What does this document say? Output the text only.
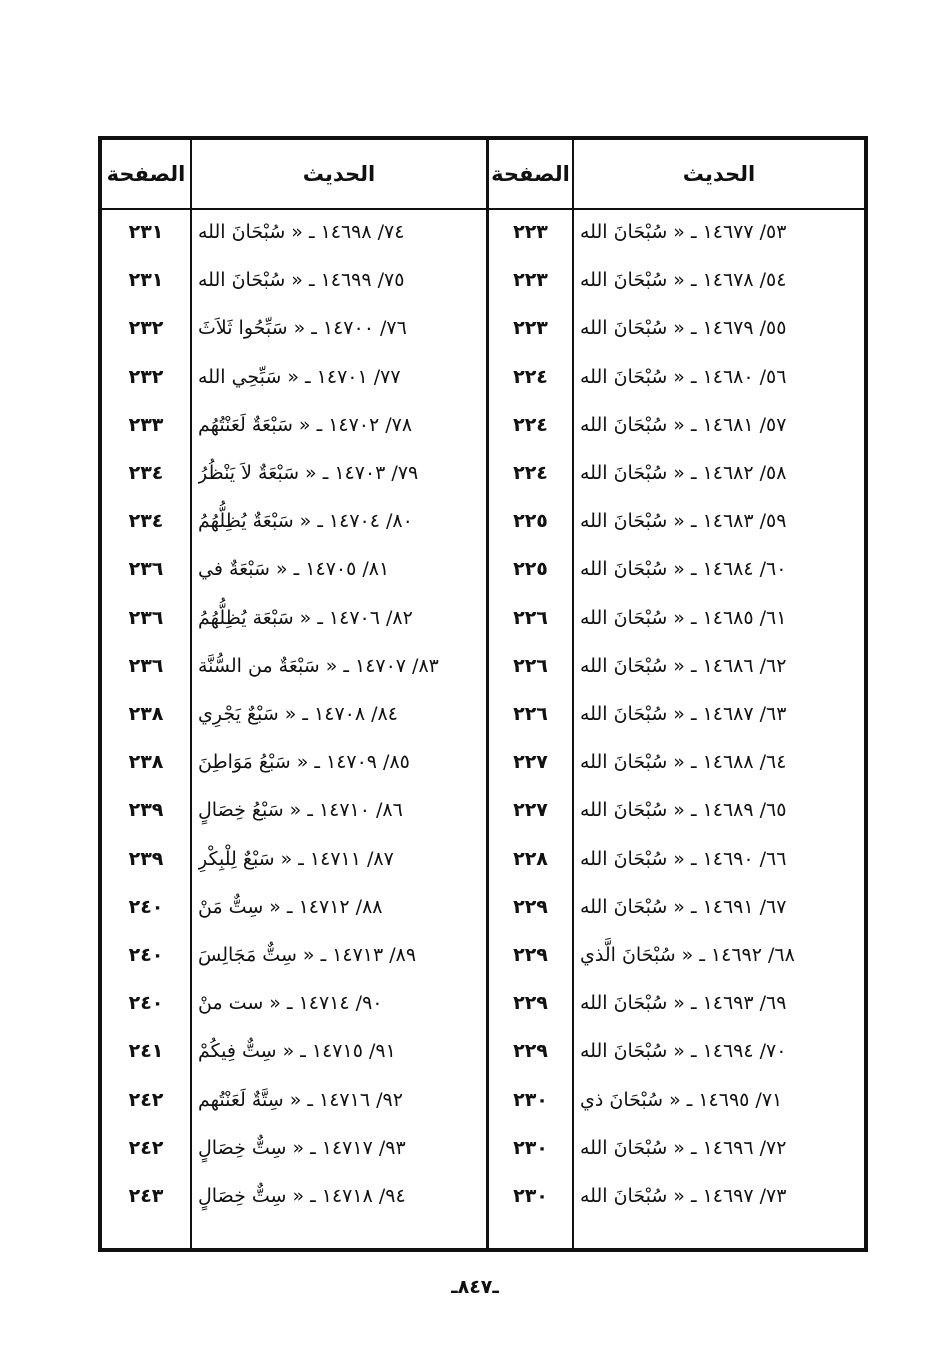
الصفحة	الحديث	الصفحة	الحديث
٢٣١	٧٤/ ١٤٦٩٨ ـ « سُبْحَانَ الله	٢٢٣	٥٣/ ١٤٦٧٧ ـ « سُبْحَانَ الله
٢٣١	٧٥/ ١٤٦٩٩ ـ « سُبْحَانَ الله	٢٢٣	٥٤/ ١٤٦٧٨ ـ « سُبْحَانَ الله
٢٣٢	٧٦/ ١٤٧٠٠ ـ « سَبِّحُوا ثَلاَثَ	٢٢٣	٥٥/ ١٤٦٧٩ ـ « سُبْحَانَ الله
٢٣٢	٧٧/ ١٤٧٠١ ـ « سَبِّحِي الله	٢٢٤	٥٦/ ١٤٦٨٠ ـ « سُبْحَانَ الله
٢٣٣	٧٨/ ١٤٧٠٢ ـ « سَبْعَةٌ لَعَنْتُهُم	٢٢٤	٥٧/ ١٤٦٨١ ـ « سُبْحَانَ الله
٢٣٤	٧٩/ ١٤٧٠٣ ـ « سَبْعَةٌ لاَ يَنْظُرُ	٢٢٤	٥٨/ ١٤٦٨٢ ـ « سُبْحَانَ الله
٢٣٤	٨٠/ ١٤٧٠٤ ـ « سَبْعَةٌ يُظِلُّهُمُ	٢٢٥	٥٩/ ١٤٦٨٣ ـ « سُبْحَانَ الله
٢٣٦	٨١/ ١٤٧٠٥ ـ « سَبْعَةٌ في	٢٢٥	٦٠/ ١٤٦٨٤ ـ « سُبْحَانَ الله
٢٣٦	٨٢/ ١٤٧٠٦ ـ « سَبْعَة يُظِلُّهُمُ	٢٢٦	٦١/ ١٤٦٨٥ ـ « سُبْحَانَ الله
٢٣٦	٨٣/ ١٤٧٠٧ ـ « سَبْعَةٌ من السُّنَّة	٢٢٦	٦٢/ ١٤٦٨٦ ـ « سُبْحَانَ الله
٢٣٨	٨٤/ ١٤٧٠٨ ـ « سَبْعٌ يَجْرِي	٢٢٦	٦٣/ ١٤٦٨٧ ـ « سُبْحَانَ الله
٢٣٨	٨٥/ ١٤٧٠٩ ـ « سَبْعُ مَوَاطِنَ	٢٢٧	٦٤/ ١٤٦٨٨ ـ « سُبْحَانَ الله
٢٣٩	٨٦/ ١٤٧١٠ ـ « سَبْعُ خِصَالٍ	٢٢٧	٦٥/ ١٤٦٨٩ ـ « سُبْحَانَ الله
٢٣٩	٨٧/ ١٤٧١١ ـ « سَبْعٌ لِلْبِكْرِ	٢٢٨	٦٦/ ١٤٦٩٠ ـ « سُبْحَانَ الله
٢٤٠	٨٨/ ١٤٧١٢ ـ « سِتٌّ مَنْ	٢٢٩	٦٧/ ١٤٦٩١ ـ « سُبْحَانَ الله
٢٤٠	٨٩/ ١٤٧١٣ ـ « سِتٌّ مَجَالِسَ	٢٢٩	٦٨/ ١٤٦٩٢ ـ « سُبْحَانَ الَّذي
٢٤٠	٩٠/ ١٤٧١٤ ـ « ست منْ	٢٢٩	٦٩/ ١٤٦٩٣ ـ « سُبْحَانَ الله
٢٤١	٩١/ ١٤٧١٥ ـ « سِتٌّ فِيكُمْ	٢٢٩	٧٠/ ١٤٦٩٤ ـ « سُبْحَانَ الله
٢٤٢	٩٢/ ١٤٧١٦ ـ « سِتَّةٌ لَعَنْتُهم	٢٣٠	٧١/ ١٤٦٩٥ ـ « سُبْحَانَ ذي
٢٤٢	٩٣/ ١٤٧١٧ ـ « سِتٌّ خِصَالٍ	٢٣٠	٧٢/ ١٤٦٩٦ ـ « سُبْحَانَ الله
٢٤٣	٩٤/ ١٤٧١٨ ـ « سِتٌّ خِصَالٍ	٢٣٠	٧٣/ ١٤٦٩٧ ـ « سُبْحَانَ الله
ـ٨٤٧ـ
